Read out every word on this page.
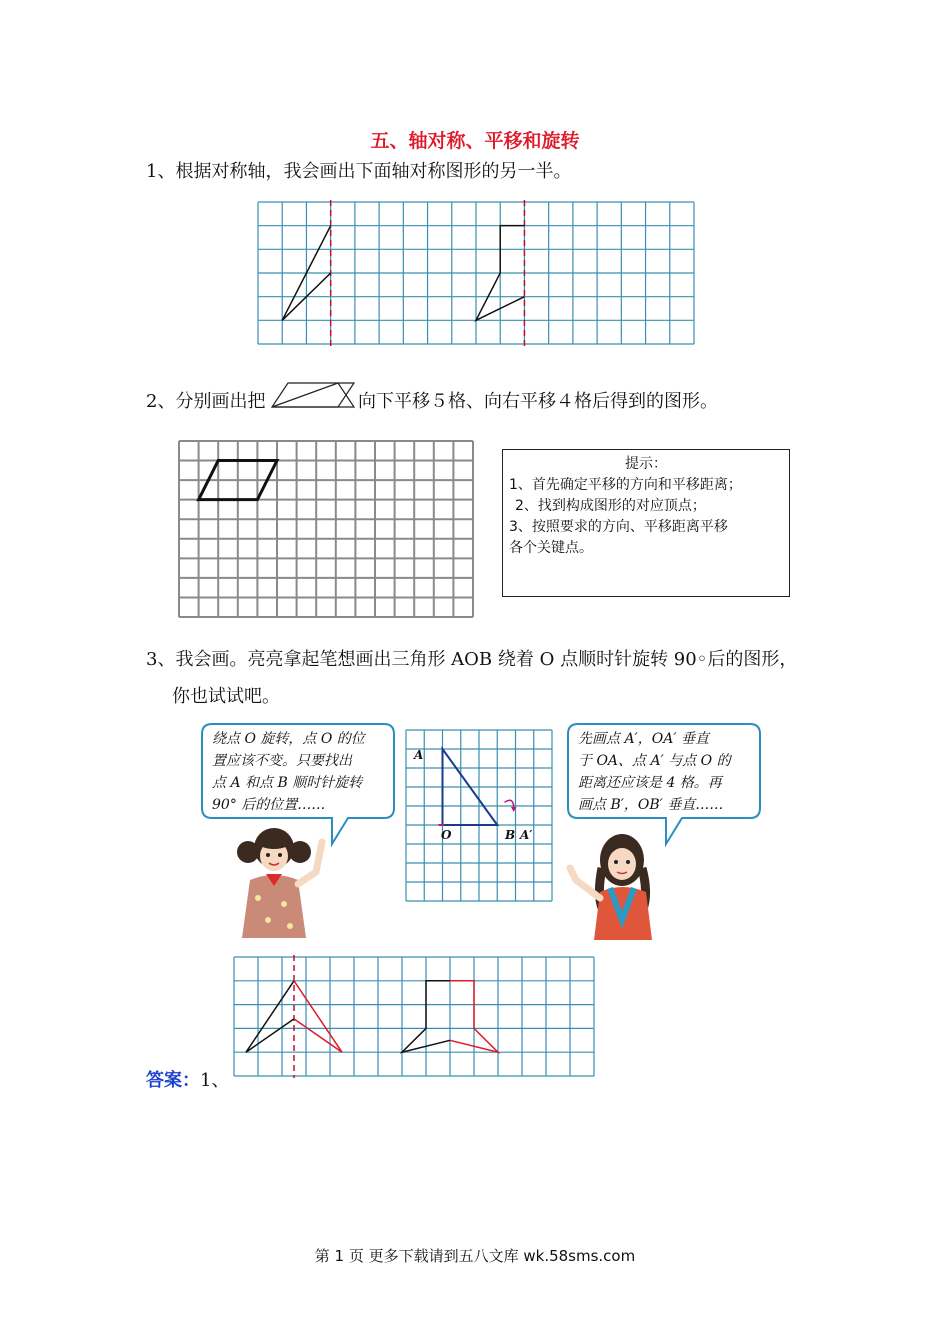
五、轴对称、平移和旋转
1、根据对称轴，我会画出下面轴对称图形的另一半。
2、分别画出把	向下平移５格、向右平移４格后得到的图形。
提示：
1、首先确定平移的方向和平移距离；
2、找到构成图形的对应顶点；
3、按照要求的方向、平移距离平移
各个关键点。
3、我会画。亮亮拿起笔想画出三角形 AOB 绕着 O 点顺时针旋转 90◦后的图形，
你也试试吧。
绕点 O 旋转，点 O 的位
置应该不变。只要找出
点 A 和点 B 顺时针旋转
90° 后的位置……
A
O	B A′
先画点 A′，OA′ 垂直
于 OA、点 A′ 与点 O 的
距离还应该是 4 格。再
画点 B′，OB′ 垂直……
答案：1、
第 1 页 更多下载请到五八文库 wk.58sms.com
